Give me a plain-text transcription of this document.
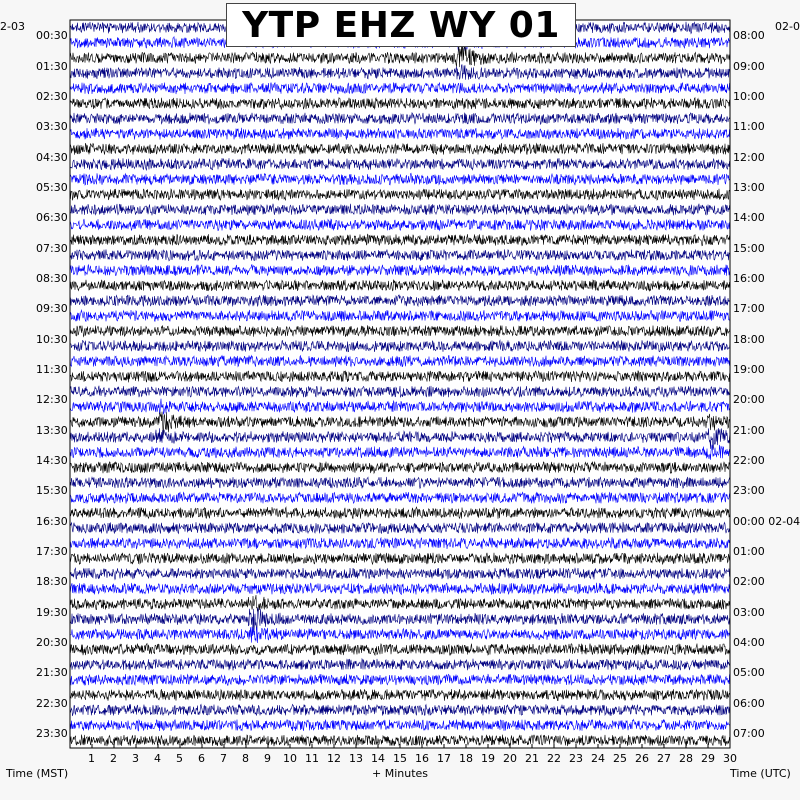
YTP EHZ WY 01
2-03	02-0
00:30
01:30
02:30
03:30
04:30
05:30
06:30
07:30
08:30
09:30
10:30
11:30
12:30
13:30
14:30
15:30
16:30
17:30
18:30
19:30
20:30
21:30
22:30
23:30
08:00
09:00
10:00
11:00
12:00
13:00
14:00
15:00
16:00
17:00
18:00
19:00
20:00
21:00
22:00
23:00
00:00 02-04
01:00
02:00
03:00
04:00
05:00
06:00
07:00
1 2 3 4 5 6 7 8 9 10 11 12 13 14 15 16 17 18 19 20 21 22 23 24 25 26 27 28 29 30
Time (MST)	+ Minutes	Time (UTC)
